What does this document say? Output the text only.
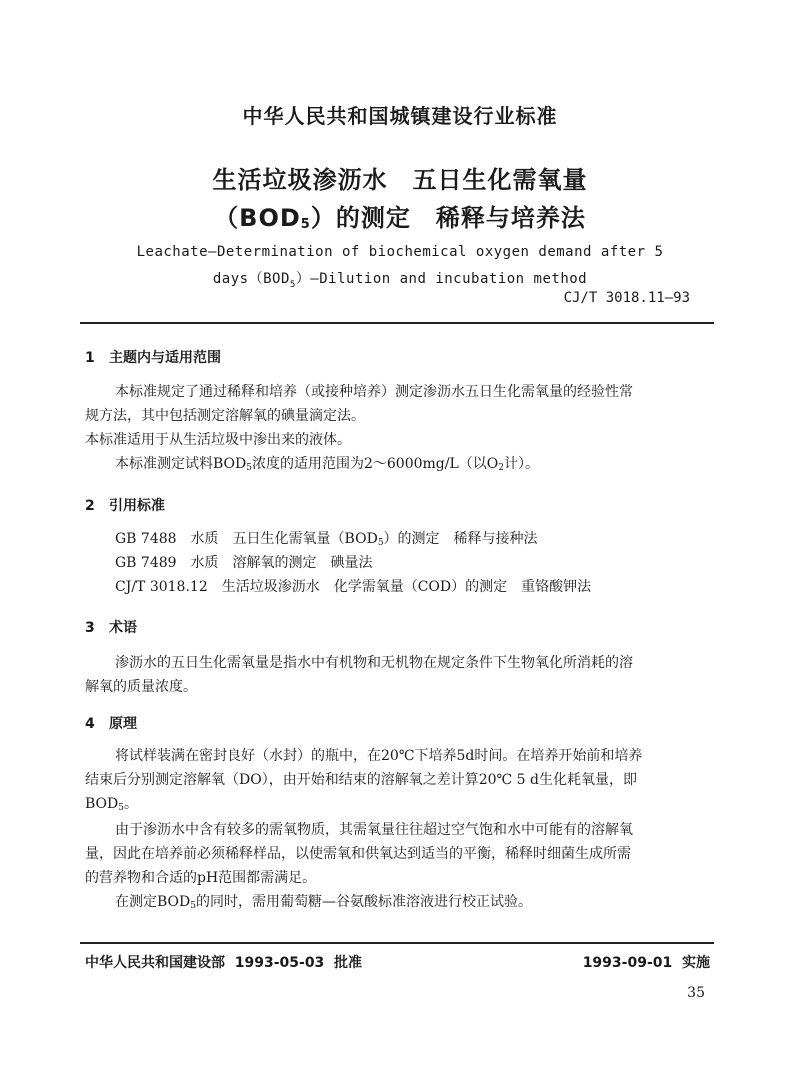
中华人民共和国城镇建设行业标准
生活垃圾渗沥水　五日生化需氧量
$(BOD_5)$的测定　稀释与培养法
Leachate—Determination of biochemical oxygen demand after 5
$days(BOD_5)—Dilution$ and incubation method
CJ/T 3018.11—93
1 主题内与适用范围
本标准规定了通过稀释和培养（或接种培养）测定渗沥水五日生化需氧量的经验性常
规方法，其中包括测定溶解氧的碘量滴定法。
本标准适用于从生活垃圾中渗出来的液体。
本标准测定试料$BOD_5$浓度的适用范围为2～6000mg/L（以$O_2$计）。
2 引用标准
GB 7488　水质　五日生化需氧量$(BOD_5)$的测定　稀释与接种法
GB 7489　水质　溶解氧的测定　碘量法
CJ/T 3018.12　生活垃圾渗沥水　化学需氧量（COD）的测定　重铬酸钾法
3 术语
渗沥水的五日生化需氧量是指水中有机物和无机物在规定条件下生物氧化所消耗的溶
解氧的质量浓度。
4 原理
将试样装满在密封良好（水封）的瓶中，在20℃下培养5d时间。在培养开始前和培养
结束后分别测定溶解氧（DO），由开始和结束的溶解氧之差计算20℃ 5 d生化耗氧量，即
$BOD_5$。
由于渗沥水中含有较多的需氧物质，其需氧量往往超过空气饱和水中可能有的溶解氧
量，因此在培养前必须稀释样品，以使需氧和供氧达到适当的平衡，稀释时细菌生成所需
的营养物和合适的pH范围都需满足。
在测定$BOD_5$的同时，需用葡萄糖—谷氨酸标准溶液进行校正试验。
中华人民共和国建设部  1993-05-03  批准	1993-09-01  实施
35
